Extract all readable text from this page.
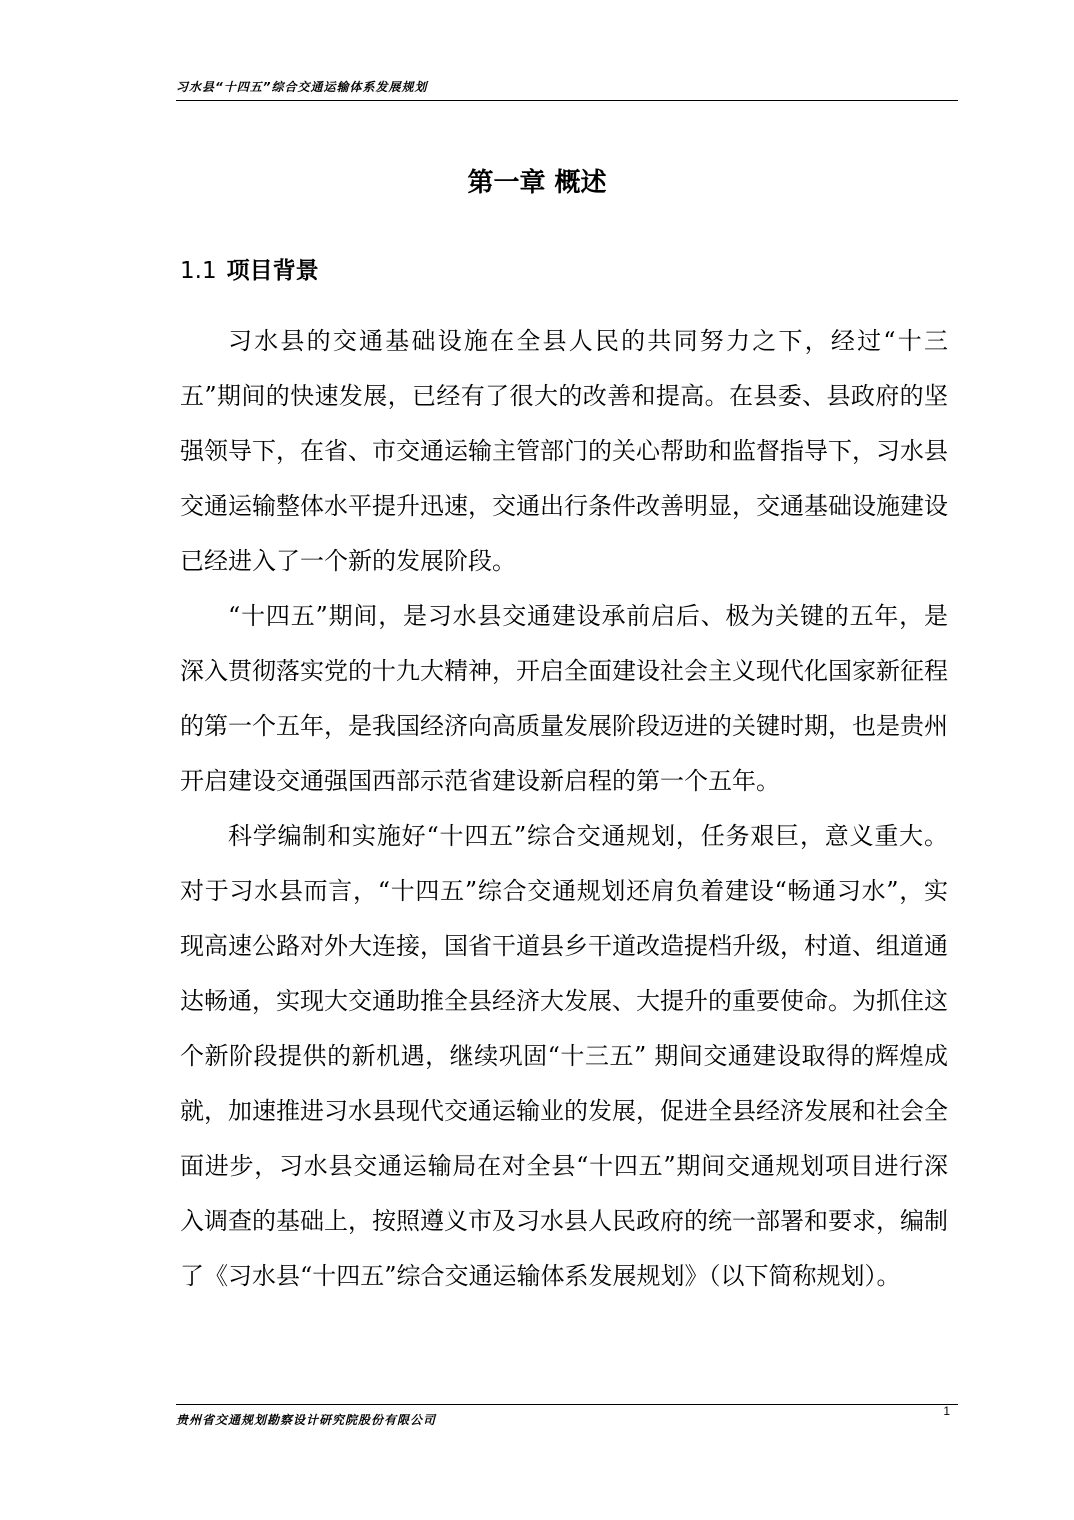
习水县“十四五”综合交通运输体系发展规划
第一章 概述
1.1 项目背景

习水县的交通基础设施在全县人民的共同努力之下，经过“十三五”期间的快速发展，已经有了很大的改善和提高。在县委、县政府的坚强领导下，在省、市交通运输主管部门的关心帮助和监督指导下，习水县交通运输整体水平提升迅速，交通出行条件改善明显，交通基础设施建设已经进入了一个新的发展阶段。

“十四五”期间，是习水县交通建设承前启后、极为关键的五年，是深入贯彻落实党的十九大精神，开启全面建设社会主义现代化国家新征程的第一个五年，是我国经济向高质量发展阶段迈进的关键时期，也是贵州开启建设交通强国西部示范省建设新启程的第一个五年。

科学编制和实施好“十四五”综合交通规划，任务艰巨，意义重大。对于习水县而言，“十四五”综合交通规划还肩负着建设“畅通习水”，实现高速公路对外大连接，国省干道县乡干道改造提档升级，村道、组道通达畅通，实现大交通助推全县经济大发展、大提升的重要使命。为抓住这个新阶段提供的新机遇，继续巩固“十三五” 期间交通建设取得的辉煌成就，加速推进习水县现代交通运输业的发展，促进全县经济发展和社会全面进步，习水县交通运输局在对全县“十四五”期间交通规划项目进行深入调查的基础上，按照遵义市及习水县人民政府的统一部署和要求，编制了《习水县“十四五”综合交通运输体系发展规划》（以下简称规划）。

贵州省交通规划勘察设计研究院股份有限公司
1
